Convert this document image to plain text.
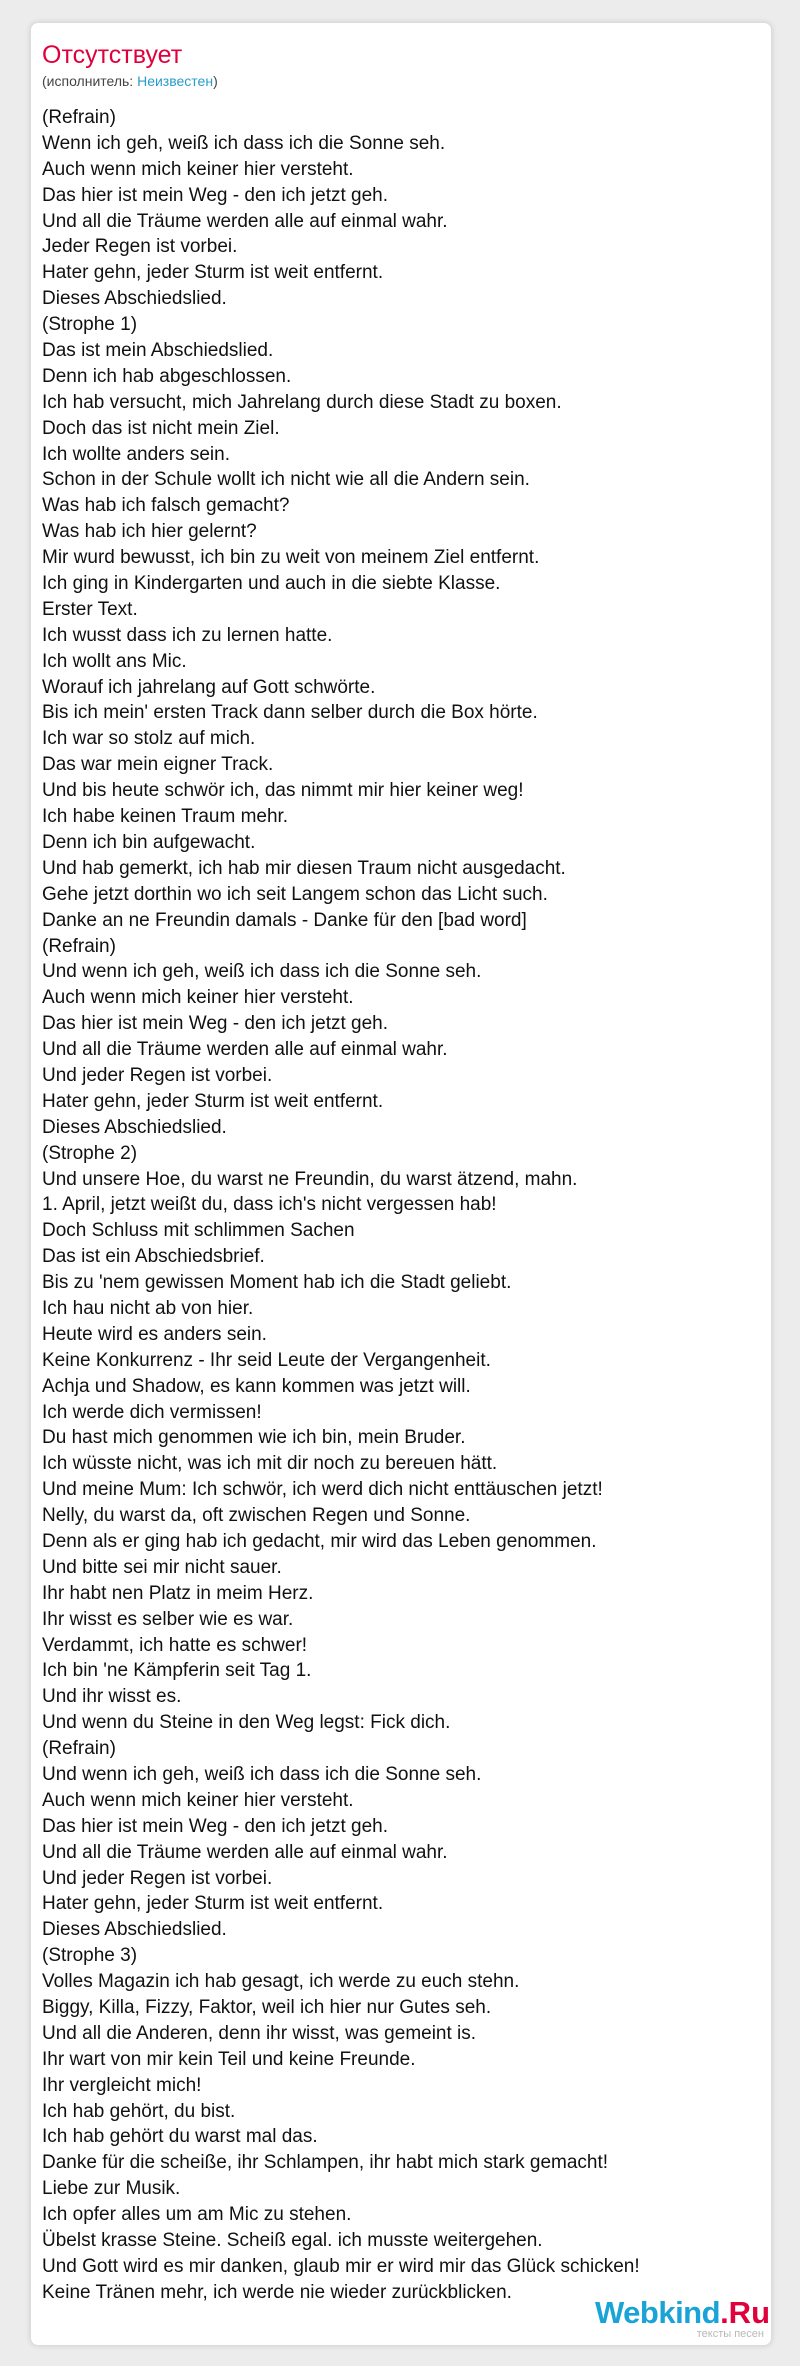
Отсутствует
(исполнитель: Неизвестен)
(Refrain)
Wenn ich geh, weiß ich dass ich die Sonne seh.
Auch wenn mich keiner hier versteht.
Das hier ist mein Weg - den ich jetzt geh.
Und all die Träume werden alle auf einmal wahr.
Jeder Regen ist vorbei.
Hater gehn, jeder Sturm ist weit entfernt.
Dieses Abschiedslied.
(Strophe 1)
Das ist mein Abschiedslied.
Denn ich hab abgeschlossen.
Ich hab versucht, mich Jahrelang durch diese Stadt zu boxen.
Doch das ist nicht mein Ziel.
Ich wollte anders sein.
Schon in der Schule wollt ich nicht wie all die Andern sein.
Was hab ich falsch gemacht?
Was hab ich hier gelernt?
Mir wurd bewusst, ich bin zu weit von meinem Ziel entfernt.
Ich ging in Kindergarten und auch in die siebte Klasse.
Erster Text.
Ich wusst dass ich zu lernen hatte.
Ich wollt ans Mic.
Worauf ich jahrelang auf Gott schwörte.
Bis ich mein' ersten Track dann selber durch die Box hörte.
Ich war so stolz auf mich.
Das war mein eigner Track.
Und bis heute schwör ich, das nimmt mir hier keiner weg!
Ich habe keinen Traum mehr.
Denn ich bin aufgewacht.
Und hab gemerkt, ich hab mir diesen Traum nicht ausgedacht.
Gehe jetzt dorthin wo ich seit Langem schon das Licht such.
Danke an ne Freundin damals - Danke für den [bad word]
(Refrain)
Und wenn ich geh, weiß ich dass ich die Sonne seh.
Auch wenn mich keiner hier versteht.
Das hier ist mein Weg - den ich jetzt geh.
Und all die Träume werden alle auf einmal wahr.
Und jeder Regen ist vorbei.
Hater gehn, jeder Sturm ist weit entfernt.
Dieses Abschiedslied.
(Strophe 2)
Und unsere Hoe, du warst ne Freundin, du warst ätzend, mahn.
1. April, jetzt weißt du, dass ich's nicht vergessen hab!
Doch Schluss mit schlimmen Sachen
Das ist ein Abschiedsbrief.
Bis zu 'nem gewissen Moment hab ich die Stadt geliebt.
Ich hau nicht ab von hier.
Heute wird es anders sein.
Keine Konkurrenz - Ihr seid Leute der Vergangenheit.
Achja und Shadow, es kann kommen was jetzt will.
Ich werde dich vermissen!
Du hast mich genommen wie ich bin, mein Bruder.
Ich wüsste nicht, was ich mit dir noch zu bereuen hätt.
Und meine Mum: Ich schwör, ich werd dich nicht enttäuschen jetzt!
Nelly, du warst da, oft zwischen Regen und Sonne.
Denn als er ging hab ich gedacht, mir wird das Leben genommen.
Und bitte sei mir nicht sauer.
Ihr habt nen Platz in meim Herz.
Ihr wisst es selber wie es war.
Verdammt, ich hatte es schwer!
Ich bin 'ne Kämpferin seit Tag 1.
Und ihr wisst es.
Und wenn du Steine in den Weg legst: Fick dich.
(Refrain)
Und wenn ich geh, weiß ich dass ich die Sonne seh.
Auch wenn mich keiner hier versteht.
Das hier ist mein Weg - den ich jetzt geh.
Und all die Träume werden alle auf einmal wahr.
Und jeder Regen ist vorbei.
Hater gehn, jeder Sturm ist weit entfernt.
Dieses Abschiedslied.
(Strophe 3)
Volles Magazin ich hab gesagt, ich werde zu euch stehn.
Biggy, Killa, Fizzy, Faktor, weil ich hier nur Gutes seh.
Und all die Anderen, denn ihr wisst, was gemeint is.
Ihr wart von mir kein Teil und keine Freunde.
Ihr vergleicht mich!
Ich hab gehört, du bist.
Ich hab gehört du warst mal das.
Danke für die scheiße, ihr Schlampen, ihr habt mich stark gemacht!
Liebe zur Musik.
Ich opfer alles um am Mic zu stehen.
Übelst krasse Steine. Scheiß egal. ich musste weitergehen.
Und Gott wird es mir danken, glaub mir er wird mir das Glück schicken!
Keine Tränen mehr, ich werde nie wieder zurückblicken.
Webkind.Ru
тексты песен
